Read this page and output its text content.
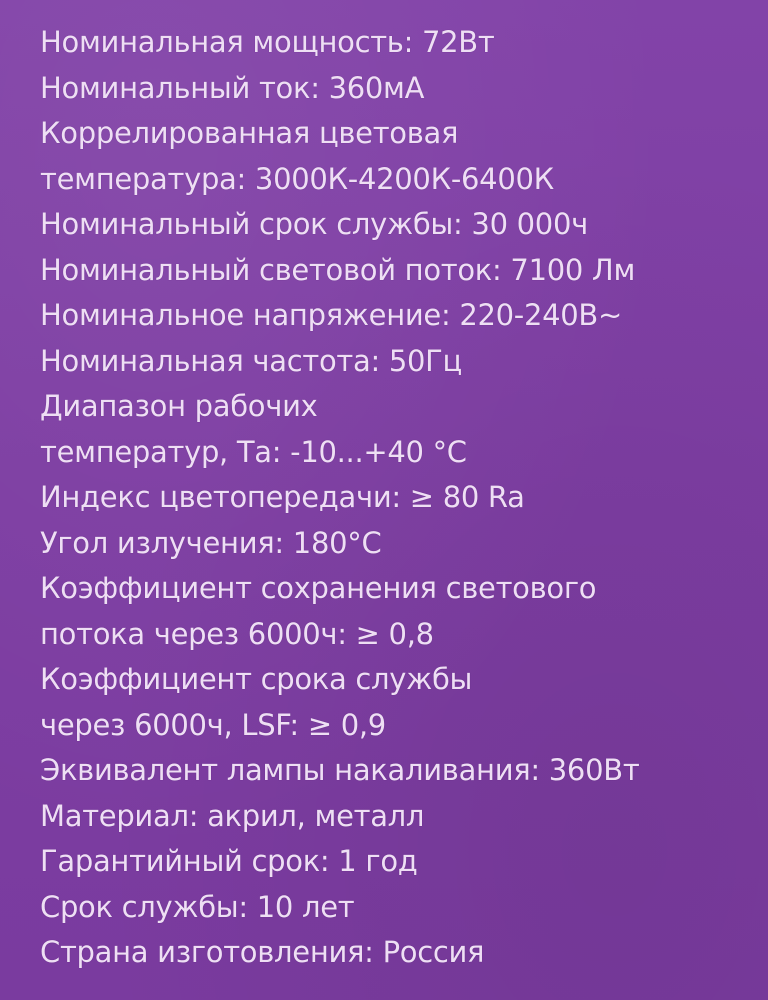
Номинальная мощность: 72Вт
Номинальный ток: 360мА
Коррелированная цветовая
температура: 3000К-4200К-6400К
Номинальный срок службы: 30 000ч
Номинальный световой поток: 7100 Лм
Номинальное напряжение: 220-240В~
Номинальная частота: 50Гц
Диапазон рабочих
температур, Та: -10...+40 °С
Индекс цветопередачи: ≥ 80 Ra
Угол излучения: 180°С
Коэффициент сохранения светового
потока через 6000ч: ≥ 0,8
Коэффициент срока службы
через 6000ч, LSF: ≥ 0,9
Эквивалент лампы накаливания: 360Вт
Материал: акрил, металл
Гарантийный срок: 1 год
Срок службы: 10 лет
Страна изготовления: Россия
